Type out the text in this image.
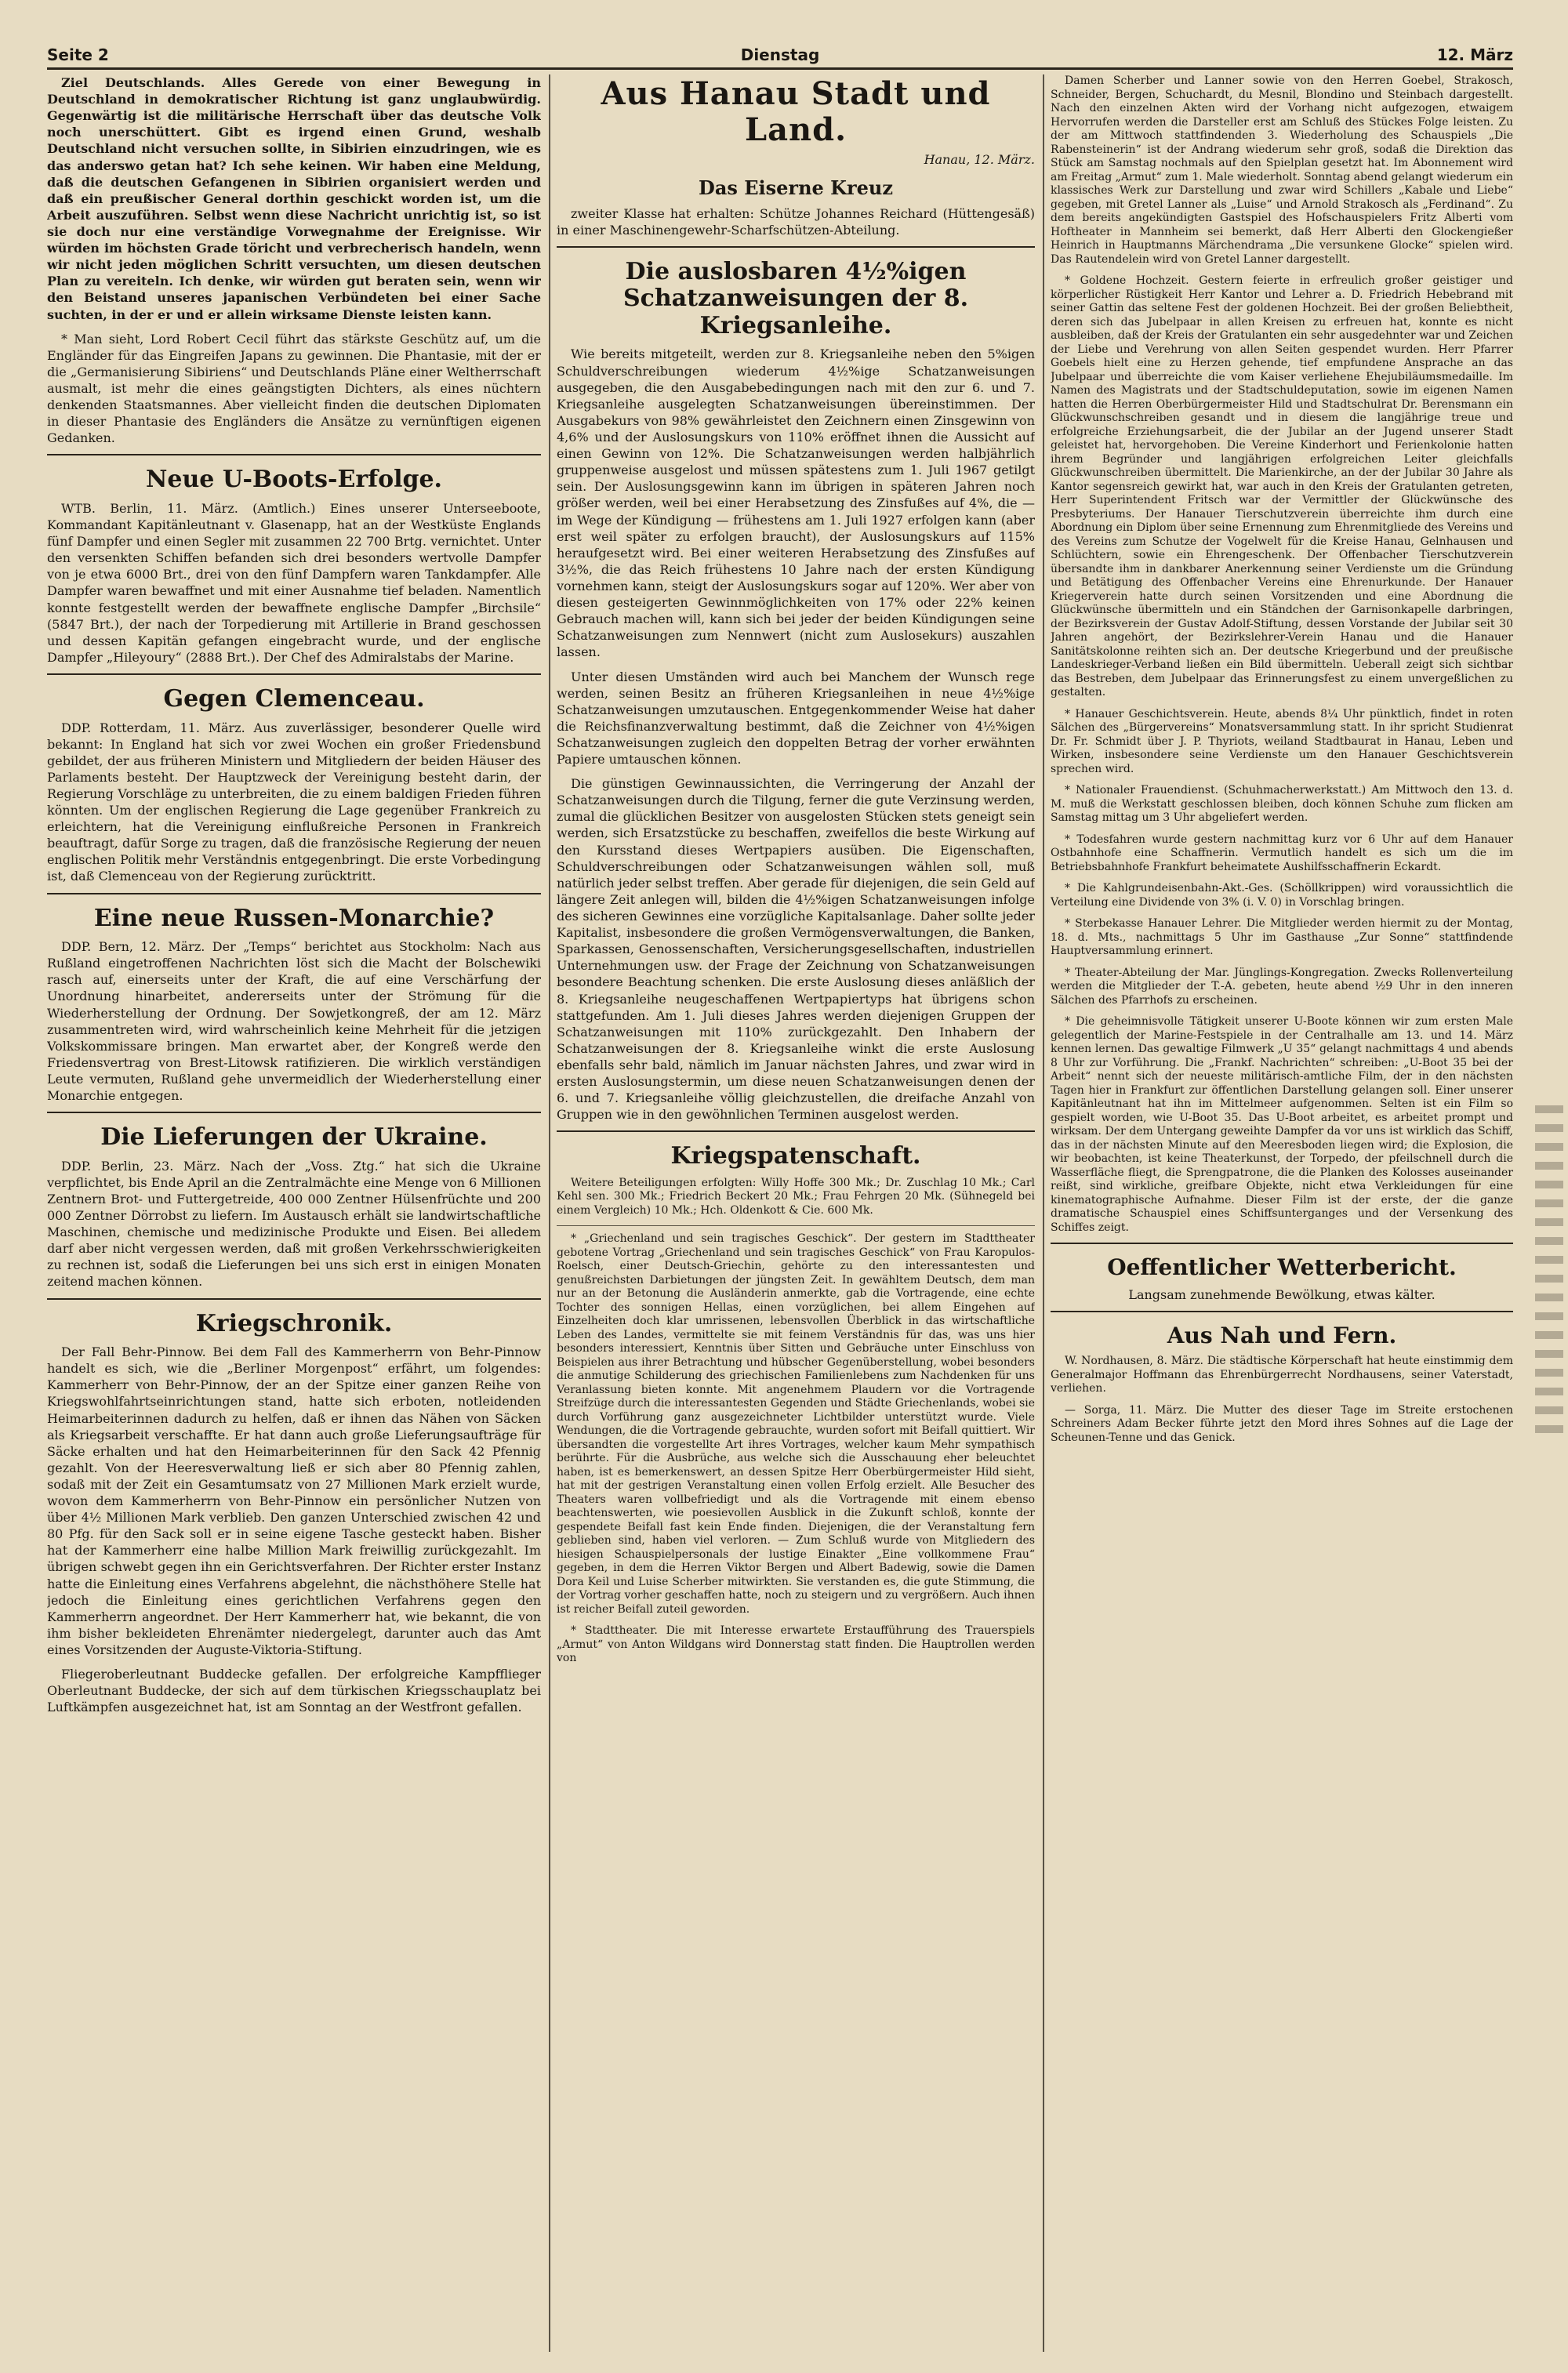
Seite 2	Dienstag	12. März

Ziel Deutschlands. Alles Gerede von einer Bewegung in Deutschland in demokratischer Richtung ist ganz unglaubwürdig. Gegenwärtig ist die militärische Herrschaft über das deutsche Volk noch unerschüttert. Gibt es irgend einen Grund, weshalb Deutschland nicht versuchen sollte, in Sibirien einzudringen, wie es das anderswo getan hat? Ich sehe keinen. Wir haben eine Meldung, daß die deutschen Gefangenen in Sibirien organisiert werden und daß ein preußischer General dorthin geschickt worden ist, um die Arbeit auszuführen. Selbst wenn diese Nachricht unrichtig ist, so ist sie doch nur eine verständige Vorwegnahme der Ereignisse. Wir würden im höchsten Grade töricht und verbrecherisch handeln, wenn wir nicht jeden möglichen Schritt versuchten, um diesen deutschen Plan zu vereiteln. Ich denke, wir würden gut beraten sein, wenn wir den Beistand unseres japanischen Verbündeten bei einer Sache suchten, in der er und er allein wirksame Dienste leisten kann.

* Man sieht, Lord Robert Cecil führt das stärkste Geschütz auf, um die Engländer für das Eingreifen Japans zu gewinnen. Die Phantasie, mit der er die „Germanisierung Sibiriens“ und Deutschlands Pläne einer Weltherrschaft ausmalt, ist mehr die eines geängstigten Dichters, als eines nüchtern denkenden Staatsmannes. Aber vielleicht finden die deutschen Diplomaten in dieser Phantasie des Engländers die Ansätze zu vernünftigen eigenen Gedanken.

Neue U-Boots-Erfolge.

WTB. Berlin, 11. März. (Amtlich.) Eines unserer Unterseeboote, Kommandant Kapitänleutnant v. Glasenapp, hat an der Westküste Englands fünf Dampfer und einen Segler mit zusammen 22 700 Brtg. vernichtet. Unter den versenkten Schiffen befanden sich drei besonders wertvolle Dampfer von je etwa 6000 Brt., drei von den fünf Dampfern waren Tankdampfer. Alle Dampfer waren bewaffnet und mit einer Ausnahme tief beladen. Namentlich konnte festgestellt werden der bewaffnete englische Dampfer „Birchsile“ (5847 Brt.), der nach der Torpedierung mit Artillerie in Brand geschossen und dessen Kapitän gefangen eingebracht wurde, und der englische Dampfer „Hileyoury“ (2888 Brt.). Der Chef des Admiralstabs der Marine.

Gegen Clemenceau.

DDP. Rotterdam, 11. März. Aus zuverlässiger, besonderer Quelle wird bekannt: In England hat sich vor zwei Wochen ein großer Friedensbund gebildet, der aus früheren Ministern und Mitgliedern der beiden Häuser des Parlaments besteht. Der Hauptzweck der Vereinigung besteht darin, der Regierung Vorschläge zu unterbreiten, die zu einem baldigen Frieden führen könnten. Um der englischen Regierung die Lage gegenüber Frankreich zu erleichtern, hat die Vereinigung einflußreiche Personen in Frankreich beauftragt, dafür Sorge zu tragen, daß die französische Regierung der neuen englischen Politik mehr Verständnis entgegenbringt. Die erste Vorbedingung ist, daß Clemenceau von der Regierung zurücktritt.

Eine neue Russen-Monarchie?

DDP. Bern, 12. März. Der „Temps“ berichtet aus Stockholm: Nach aus Rußland eingetroffenen Nachrichten löst sich die Macht der Bolschewiki rasch auf, einerseits unter der Kraft, die auf eine Verschärfung der Unordnung hinarbeitet, andererseits unter der Strömung für die Wiederherstellung der Ordnung. Der Sowjetkongreß, der am 12. März zusammentreten wird, wird wahrscheinlich keine Mehrheit für die jetzigen Volkskommissare bringen. Man erwartet aber, der Kongreß werde den Friedensvertrag von Brest-Litowsk ratifizieren. Die wirklich verständigen Leute vermuten, Rußland gehe unvermeidlich der Wiederherstellung einer Monarchie entgegen.

Die Lieferungen der Ukraine.

DDP. Berlin, 23. März. Nach der „Voss. Ztg.“ hat sich die Ukraine verpflichtet, bis Ende April an die Zentralmächte eine Menge von 6 Millionen Zentnern Brot- und Futtergetreide, 400 000 Zentner Hülsenfrüchte und 200 000 Zentner Dörrobst zu liefern. Im Austausch erhält sie landwirtschaftliche Maschinen, chemische und medizinische Produkte und Eisen. Bei alledem darf aber nicht vergessen werden, daß mit großen Verkehrsschwierigkeiten zu rechnen ist, sodaß die Lieferungen bei uns sich erst in einigen Monaten zeitend machen können.

Kriegschronik.

Der Fall Behr-Pinnow. Bei dem Fall des Kammerherrn von Behr-Pinnow handelt es sich, wie die „Berliner Morgenpost“ erfährt, um folgendes: Kammerherr von Behr-Pinnow, der an der Spitze einer ganzen Reihe von Kriegswohlfahrtseinrichtungen stand, hatte sich erboten, notleidenden Heimarbeiterinnen dadurch zu helfen, daß er ihnen das Nähen von Säcken als Kriegsarbeit verschaffte. Er hat dann auch große Lieferungsaufträge für Säcke erhalten und hat den Heimarbeiterinnen für den Sack 42 Pfennig gezahlt. Von der Heeresverwaltung ließ er sich aber 80 Pfennig zahlen, sodaß mit der Zeit ein Gesamtumsatz von 27 Millionen Mark erzielt wurde, wovon dem Kammerherrn von Behr-Pinnow ein persönlicher Nutzen von über 4½ Millionen Mark verblieb. Den ganzen Unterschied zwischen 42 und 80 Pfg. für den Sack soll er in seine eigene Tasche gesteckt haben. Bisher hat der Kammerherr eine halbe Million Mark freiwillig zurückgezahlt. Im übrigen schwebt gegen ihn ein Gerichtsverfahren. Der Richter erster Instanz hatte die Einleitung eines Verfahrens abgelehnt, die nächsthöhere Stelle hat jedoch die Einleitung eines gerichtlichen Verfahrens gegen den Kammerherrn angeordnet. Der Herr Kammerherr hat, wie bekannt, die von ihm bisher bekleideten Ehrenämter niedergelegt, darunter auch das Amt eines Vorsitzenden der Auguste-Viktoria-Stiftung.

Fliegeroberleutnant Buddecke gefallen. Der erfolgreiche Kampfflieger Oberleutnant Buddecke, der sich auf dem türkischen Kriegsschauplatz bei Luftkämpfen ausgezeichnet hat, ist am Sonntag an der Westfront gefallen.

Aus Hanau Stadt und Land.
Hanau, 12. März.
Das Eiserne Kreuz

zweiter Klasse hat erhalten: Schütze Johannes Reichard (Hüttengesäß) in einer Maschinengewehr-Scharfschützen-Abteilung.

Die auslosbaren 4½%igen Schatzanweisungen der 8. Kriegsanleihe.

Wie bereits mitgeteilt, werden zur 8. Kriegsanleihe neben den 5%igen Schuldverschreibungen wiederum 4½%ige Schatzanweisungen ausgegeben, die den Ausgabebedingungen nach mit den zur 6. und 7. Kriegsanleihe ausgelegten Schatzanweisungen übereinstimmen. Der Ausgabekurs von 98% gewährleistet den Zeichnern einen Zinsgewinn von 4,6% und der Auslosungskurs von 110% eröffnet ihnen die Aussicht auf einen Gewinn von 12%. Die Schatzanweisungen werden halbjährlich gruppenweise ausgelost und müssen spätestens zum 1. Juli 1967 getilgt sein. Der Auslosungsgewinn kann im übrigen in späteren Jahren noch größer werden, weil bei einer Herabsetzung des Zinsfußes auf 4%, die — im Wege der Kündigung — frühestens am 1. Juli 1927 erfolgen kann (aber erst weil später zu erfolgen braucht), der Auslosungskurs auf 115% heraufgesetzt wird. Bei einer weiteren Herabsetzung des Zinsfußes auf 3½%, die das Reich frühestens 10 Jahre nach der ersten Kündigung vornehmen kann, steigt der Auslosungskurs sogar auf 120%. Wer aber von diesen gesteigerten Gewinnmöglichkeiten von 17% oder 22% keinen Gebrauch machen will, kann sich bei jeder der beiden Kündigungen seine Schatzanweisungen zum Nennwert (nicht zum Auslosekurs) auszahlen lassen.

Unter diesen Umständen wird auch bei Manchem der Wunsch rege werden, seinen Besitz an früheren Kriegsanleihen in neue 4½%ige Schatzanweisungen umzutauschen. Entgegenkommender Weise hat daher die Reichsfinanzverwaltung bestimmt, daß die Zeichner von 4½%igen Schatzanweisungen zugleich den doppelten Betrag der vorher erwähnten Papiere umtauschen können.

Die günstigen Gewinnaussichten, die Verringerung der Anzahl der Schatzanweisungen durch die Tilgung, ferner die gute Verzinsung werden, zumal die glücklichen Besitzer von ausgelosten Stücken stets geneigt sein werden, sich Ersatzstücke zu beschaffen, zweifellos die beste Wirkung auf den Kursstand dieses Wertpapiers ausüben. Die Eigenschaften, Schuldverschreibungen oder Schatzanweisungen wählen soll, muß natürlich jeder selbst treffen. Aber gerade für diejenigen, die sein Geld auf längere Zeit anlegen will, bilden die 4½%igen Schatzanweisungen infolge des sicheren Gewinnes eine vorzügliche Kapitalsanlage. Daher sollte jeder Kapitalist, insbesondere die großen Vermögensverwaltungen, die Banken, Sparkassen, Genossenschaften, Versicherungsgesellschaften, industriellen Unternehmungen usw. der Frage der Zeichnung von Schatzanweisungen besondere Beachtung schenken. Die erste Auslosung dieses anläßlich der 8. Kriegsanleihe neugeschaffenen Wertpapiertyps hat übrigens schon stattgefunden. Am 1. Juli dieses Jahres werden diejenigen Gruppen der Schatzanweisungen mit 110% zurückgezahlt. Den Inhabern der Schatzanweisungen der 8. Kriegsanleihe winkt die erste Auslosung ebenfalls sehr bald, nämlich im Januar nächsten Jahres, und zwar wird in ersten Auslosungstermin, um diese neuen Schatzanweisungen denen der 6. und 7. Kriegsanleihe völlig gleichzustellen, die dreifache Anzahl von Gruppen wie in den gewöhnlichen Terminen ausgelost werden.

Kriegspatenschaft.

Weitere Beteiligungen erfolgten: Willy Hoffe 300 Mk.; Dr. Zuschlag 10 Mk.; Carl Kehl sen. 300 Mk.; Friedrich Beckert 20 Mk.; Frau Fehrgen 20 Mk. (Sühnegeld bei einem Vergleich) 10 Mk.; Hch. Oldenkott & Cie. 600 Mk.

* „Griechenland und sein tragisches Geschick“. Der gestern im Stadttheater gebotene Vortrag „Griechenland und sein tragisches Geschick“ von Frau Karopulos-Roelsch, einer Deutsch-Griechin, gehörte zu den interessantesten und genußreichsten Darbietungen der jüngsten Zeit. In gewähltem Deutsch, dem man nur an der Betonung die Ausländerin anmerkte, gab die Vortragende, eine echte Tochter des sonnigen Hellas, einen vorzüglichen, bei allem Eingehen auf Einzelheiten doch klar umrissenen, lebensvollen Überblick in das wirtschaftliche Leben des Landes, vermittelte sie mit feinem Verständnis für das, was uns hier besonders interessiert, Kenntnis über Sitten und Gebräuche unter Einschluss von Beispielen aus ihrer Betrachtung und hübscher Gegenüberstellung, wobei besonders die anmutige Schilderung des griechischen Familienlebens zum Nachdenken für uns Veranlassung bieten konnte. Mit angenehmem Plaudern vor die Vortragende Streifzüge durch die interessantesten Gegenden und Städte Griechenlands, wobei sie durch Vorführung ganz ausgezeichneter Lichtbilder unterstützt wurde. Viele Wendungen, die die Vortragende gebrauchte, wurden sofort mit Beifall quittiert. Wir übersandten die vorgestellte Art ihres Vortrages, welcher kaum Mehr sympathisch berührte. Für die Ausbrüche, aus welche sich die Ausschauung eher beleuchtet haben, ist es bemerkenswert, an dessen Spitze Herr Oberbürgermeister Hild sieht, hat mit der gestrigen Veranstaltung einen vollen Erfolg erzielt. Alle Besucher des Theaters waren vollbefriedigt und als die Vortragende mit einem ebenso beachtenswerten, wie poesievollen Ausblick in die Zukunft schloß, konnte der gespendete Beifall fast kein Ende finden. Diejenigen, die der Veranstaltung fern geblieben sind, haben viel verloren. — Zum Schluß wurde von Mitgliedern des hiesigen Schauspielpersonals der lustige Einakter „Eine vollkommene Frau“ gegeben, in dem die Herren Viktor Bergen und Albert Badewig, sowie die Damen Dora Keil und Luise Scherber mitwirkten. Sie verstanden es, die gute Stimmung, die der Vortrag vorher geschaffen hatte, noch zu steigern und zu vergrößern. Auch ihnen ist reicher Beifall zuteil geworden.

* Stadttheater. Die mit Interesse erwartete Erstaufführung des Trauerspiels „Armut“ von Anton Wildgans wird Donnerstag statt finden. Die Hauptrollen werden von

Damen Scherber und Lanner sowie von den Herren Goebel, Strakosch, Schneider, Bergen, Schuchardt, du Mesnil, Blondino und Steinbach dargestellt. Nach den einzelnen Akten wird der Vorhang nicht aufgezogen, etwaigem Hervorrufen werden die Darsteller erst am Schluß des Stückes Folge leisten. Zu der am Mittwoch stattfindenden 3. Wiederholung des Schauspiels „Die Rabensteinerin“ ist der Andrang wiederum sehr groß, sodaß die Direktion das Stück am Samstag nochmals auf den Spielplan gesetzt hat. Im Abonnement wird am Freitag „Armut“ zum 1. Male wiederholt. Sonntag abend gelangt wiederum ein klassisches Werk zur Darstellung und zwar wird Schillers „Kabale und Liebe“ gegeben, mit Gretel Lanner als „Luise“ und Arnold Strakosch als „Ferdinand“. Zu dem bereits angekündigten Gastspiel des Hofschauspielers Fritz Alberti vom Hoftheater in Mannheim sei bemerkt, daß Herr Alberti den Glockengießer Heinrich in Hauptmanns Märchendrama „Die versunkene Glocke“ spielen wird. Das Rautendelein wird von Gretel Lanner dargestellt.

* Goldene Hochzeit. Gestern feierte in erfreulich großer geistiger und körperlicher Rüstigkeit Herr Kantor und Lehrer a. D. Friedrich Hebebrand mit seiner Gattin das seltene Fest der goldenen Hochzeit. Bei der großen Beliebtheit, deren sich das Jubelpaar in allen Kreisen zu erfreuen hat, konnte es nicht ausbleiben, daß der Kreis der Gratulanten ein sehr ausgedehnter war und Zeichen der Liebe und Verehrung von allen Seiten gespendet wurden. Herr Pfarrer Goebels hielt eine zu Herzen gehende, tief empfundene Ansprache an das Jubelpaar und überreichte die vom Kaiser verliehene Ehejubiläumsmedaille. Im Namen des Magistrats und der Stadtschuldeputation, sowie im eigenen Namen hatten die Herren Oberbürgermeister Hild und Stadtschulrat Dr. Berensmann ein Glückwunschschreiben gesandt und in diesem die langjährige treue und erfolgreiche Erziehungsarbeit, die der Jubilar an der Jugend unserer Stadt geleistet hat, hervorgehoben. Die Vereine Kinderhort und Ferienkolonie hatten ihrem Begründer und langjährigen erfolgreichen Leiter gleichfalls Glückwunschreiben übermittelt. Die Marienkirche, an der der Jubilar 30 Jahre als Kantor segensreich gewirkt hat, war auch in den Kreis der Gratulanten getreten, Herr Superintendent Fritsch war der Vermittler der Glückwünsche des Presbyteriums. Der Hanauer Tierschutzverein überreichte ihm durch eine Abordnung ein Diplom über seine Ernennung zum Ehrenmitgliede des Vereins und des Vereins zum Schutze der Vogelwelt für die Kreise Hanau, Gelnhausen und Schlüchtern, sowie ein Ehrengeschenk. Der Offenbacher Tierschutzverein übersandte ihm in dankbarer Anerkennung seiner Verdienste um die Gründung und Betätigung des Offenbacher Vereins eine Ehrenurkunde. Der Hanauer Kriegerverein hatte durch seinen Vorsitzenden und eine Abordnung die Glückwünsche übermitteln und ein Ständchen der Garnisonkapelle darbringen, der Bezirksverein der Gustav Adolf-Stiftung, dessen Vorstande der Jubilar seit 30 Jahren angehört, der Bezirkslehrer-Verein Hanau und die Hanauer Sanitätskolonne reihten sich an. Der deutsche Kriegerbund und der preußische Landeskrieger-Verband ließen ein Bild übermitteln. Ueberall zeigt sich sichtbar das Bestreben, dem Jubelpaar das Erinnerungsfest zu einem unvergeßlichen zu gestalten.

* Hanauer Geschichtsverein. Heute, abends 8¼ Uhr pünktlich, findet in roten Sälchen des „Bürgervereins“ Monatsversammlung statt. In ihr spricht Studienrat Dr. Fr. Schmidt über J. P. Thyriots, weiland Stadtbaurat in Hanau, Leben und Wirken, insbesondere seine Verdienste um den Hanauer Geschichtsverein sprechen wird.

* Nationaler Frauendienst. (Schuhmacherwerkstatt.) Am Mittwoch den 13. d. M. muß die Werkstatt geschlossen bleiben, doch können Schuhe zum flicken am Samstag mittag um 3 Uhr abgeliefert werden.

* Todesfahren wurde gestern nachmittag kurz vor 6 Uhr auf dem Hanauer Ostbahnhofe eine Schaffnerin. Vermutlich handelt es sich um die im Betriebsbahnhofe Frankfurt beheimatete Aushilfsschaffnerin Eckardt.

* Die Kahlgrundeisenbahn-Akt.-Ges. (Schöllkrippen) wird voraussichtlich die Verteilung eine Dividende von 3% (i. V. 0) in Vorschlag bringen.

* Sterbekasse Hanauer Lehrer. Die Mitglieder werden hiermit zu der Montag, 18. d. Mts., nachmittags 5 Uhr im Gasthause „Zur Sonne“ stattfindende Hauptversammlung erinnert.

* Theater-Abteilung der Mar. Jünglings-Kongregation. Zwecks Rollenverteilung werden die Mitglieder der T.-A. gebeten, heute abend ½9 Uhr in den inneren Sälchen des Pfarrhofs zu erscheinen.

* Die geheimnisvolle Tätigkeit unserer U-Boote können wir zum ersten Male gelegentlich der Marine-Festspiele in der Centralhalle am 13. und 14. März kennen lernen. Das gewaltige Filmwerk „U 35“ gelangt nachmittags 4 und abends 8 Uhr zur Vorführung. Die „Frankf. Nachrichten“ schreiben: „U-Boot 35 bei der Arbeit“ nennt sich der neueste militärisch-amtliche Film, der in den nächsten Tagen hier in Frankfurt zur öffentlichen Darstellung gelangen soll. Einer unserer Kapitänleutnant hat ihn im Mittelmeer aufgenommen. Selten ist ein Film so gespielt worden, wie U-Boot 35. Das U-Boot arbeitet, es arbeitet prompt und wirksam. Der dem Untergang geweihte Dampfer da vor uns ist wirklich das Schiff, das in der nächsten Minute auf den Meeresboden liegen wird; die Explosion, die wir beobachten, ist keine Theaterkunst, der Torpedo, der pfeilschnell durch die Wasserfläche fliegt, die Sprengpatrone, die die Planken des Kolosses auseinander reißt, sind wirkliche, greifbare Objekte, nicht etwa Verkleidungen für eine kinematographische Aufnahme. Dieser Film ist der erste, der die ganze dramatische Schauspiel eines Schiffsunterganges und der Versenkung des Schiffes zeigt.

Oeffentlicher Wetterbericht.

Langsam zunehmende Bewölkung, etwas kälter.

Aus Nah und Fern.

W. Nordhausen, 8. März. Die städtische Körperschaft hat heute einstimmig dem Generalmajor Hoffmann das Ehrenbürgerrecht Nordhausens, seiner Vaterstadt, verliehen.

— Sorga, 11. März. Die Mutter des dieser Tage im Streite erstochenen Schreiners Adam Becker führte jetzt den Mord ihres Sohnes auf die Lage der Scheunen-Tenne und das Genick.
